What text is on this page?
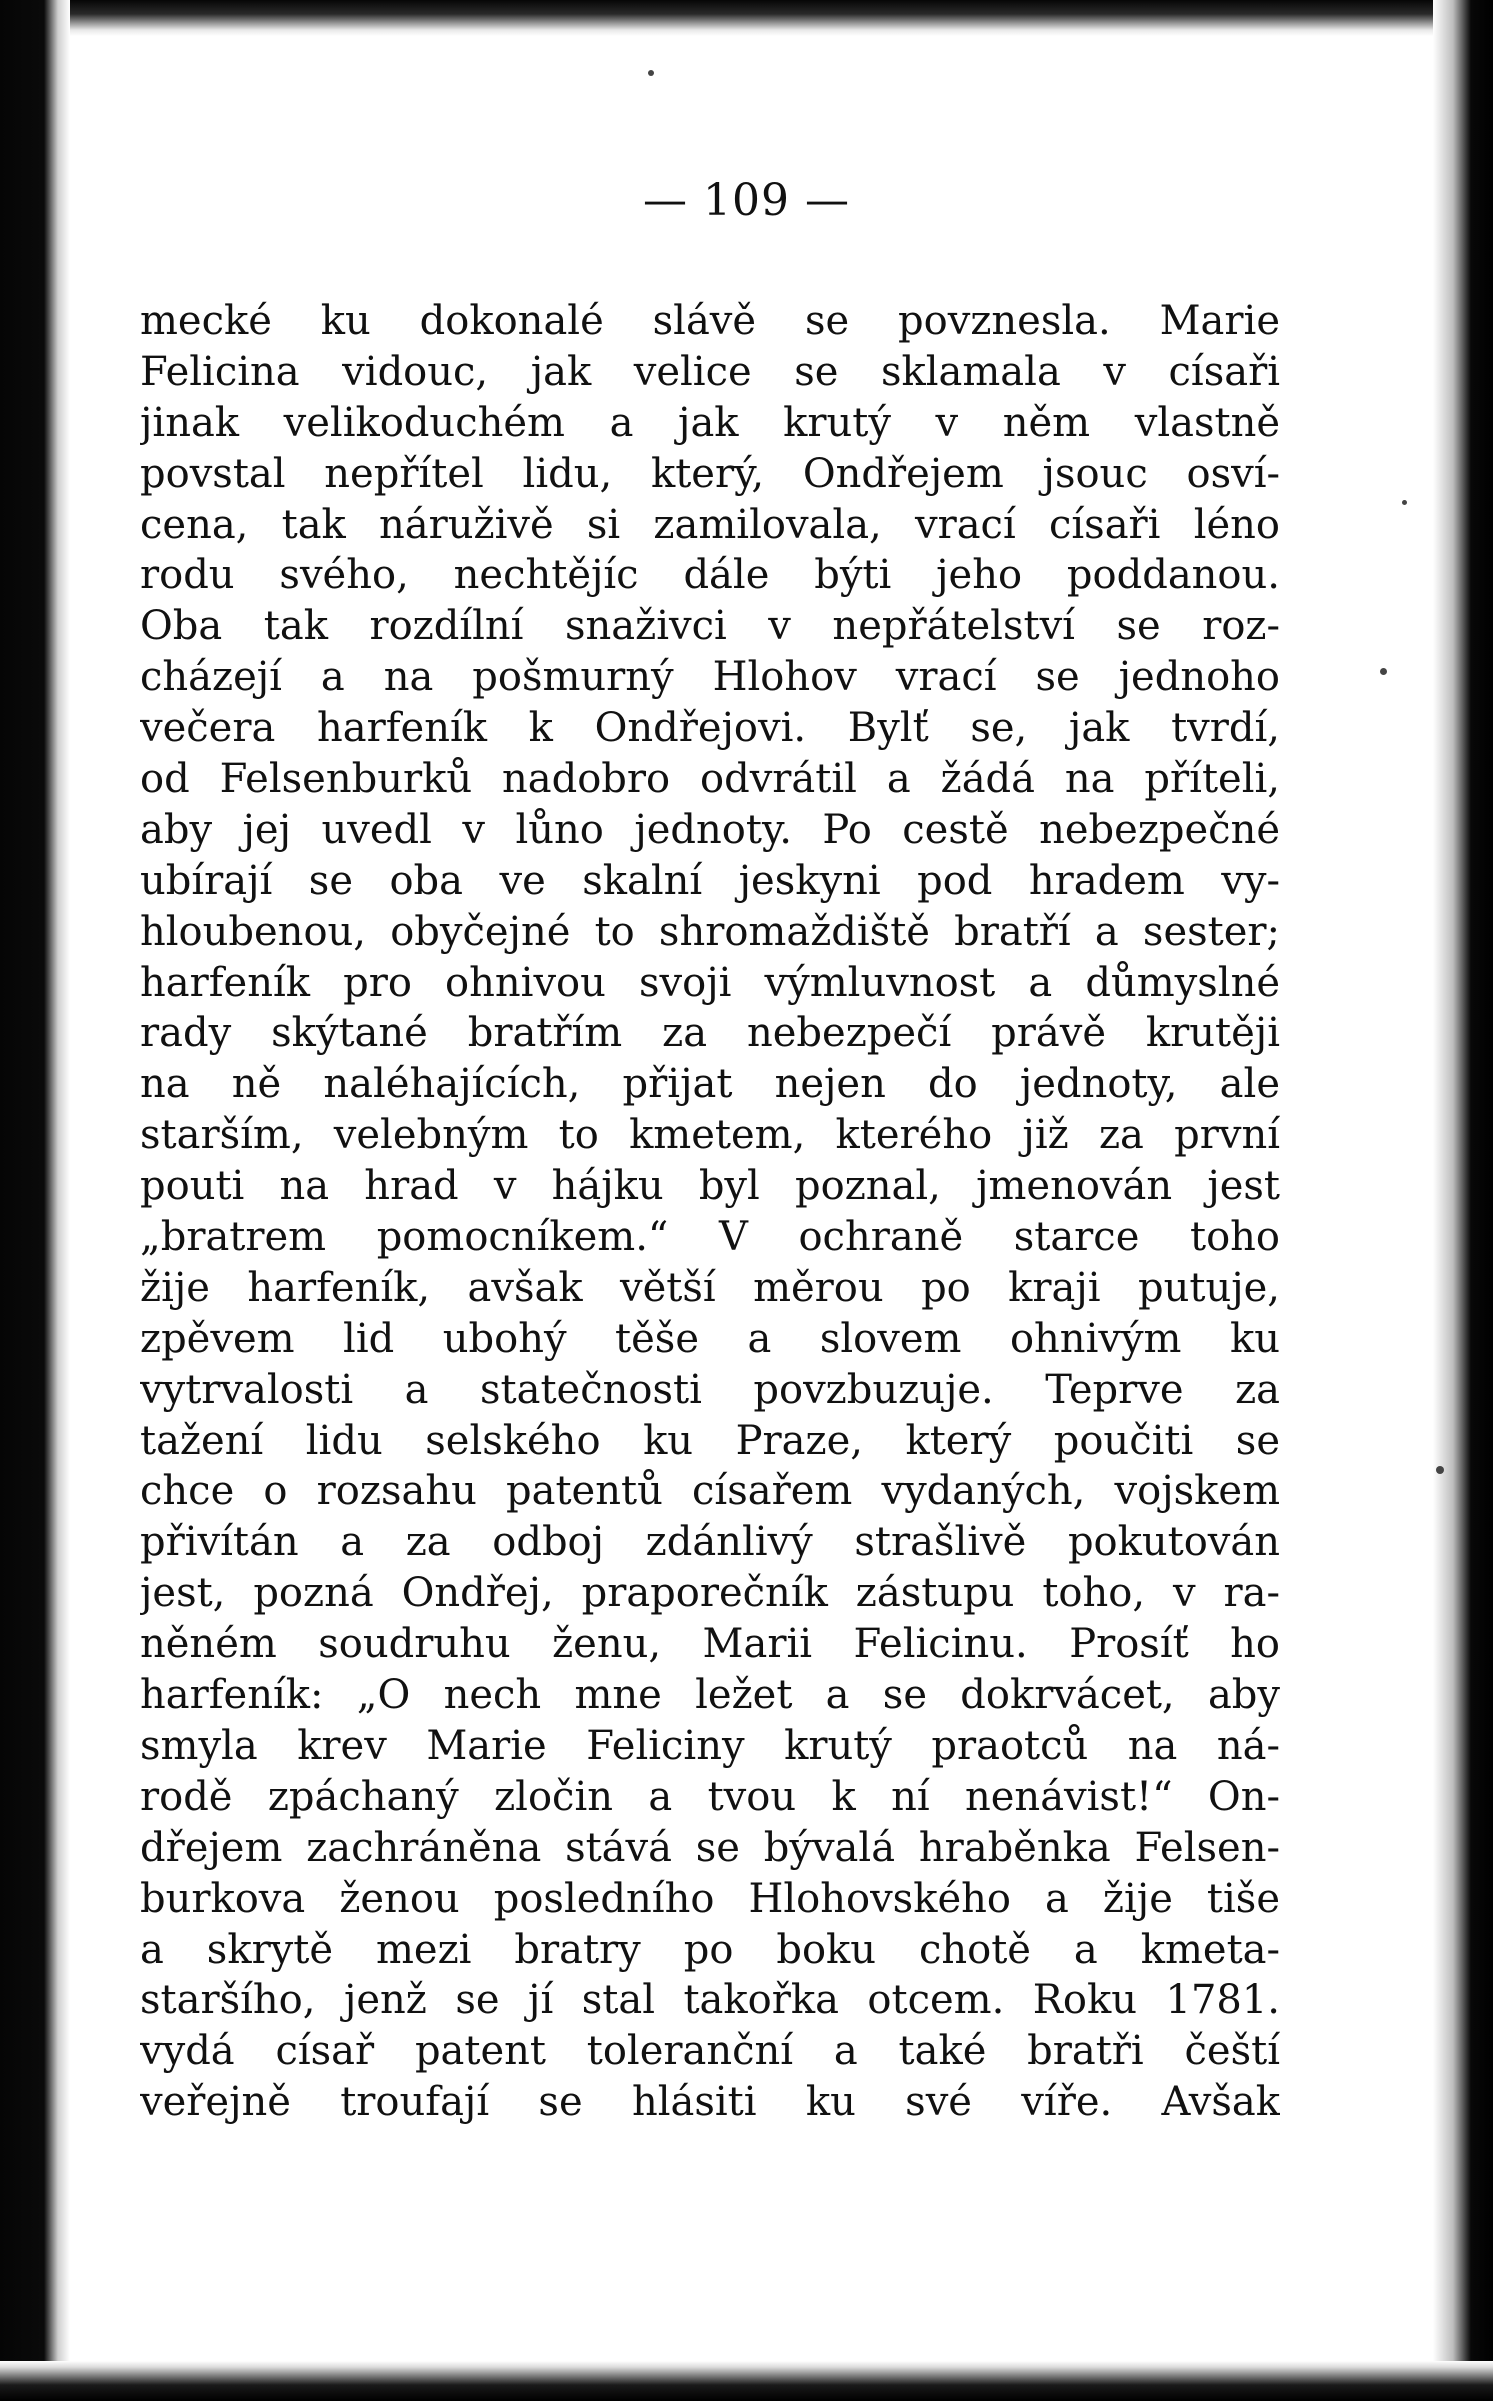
— 109 —
mecké ku dokonalé slávě se povznesla. Marie
Felicina vidouc, jak velice se sklamala v císaři
jinak velikoduchém a jak krutý v něm vlastně
povstal nepřítel lidu, který, Ondřejem jsouc osví-
cena, tak náruživě si zamilovala, vrací císaři léno
rodu svého, nechtějíc dále býti jeho poddanou.
Oba tak rozdílní snaživci v nepřátelství se roz-
cházejí a na pošmurný Hlohov vrací se jednoho
večera harfeník k Ondřejovi. Bylť se, jak tvrdí,
od Felsenburků nadobro odvrátil a žádá na příteli,
aby jej uvedl v lůno jednoty. Po cestě nebezpečné
ubírají se oba ve skalní jeskyni pod hradem vy-
hloubenou, obyčejné to shromaždiště bratří a sester;
harfeník pro ohnivou svoji výmluvnost a důmyslné
rady skýtané bratřím za nebezpečí právě krutěji
na ně naléhajících, přijat nejen do jednoty, ale
starším, velebným to kmetem, kterého již za první
pouti na hrad v hájku byl poznal, jmenován jest
„bratrem pomocníkem.“ V ochraně starce toho
žije harfeník, avšak větší měrou po kraji putuje,
zpěvem lid ubohý těše a slovem ohnivým ku
vytrvalosti a statečnosti povzbuzuje. Teprve za
tažení lidu selského ku Praze, který poučiti se
chce o rozsahu patentů císařem vydaných, vojskem
přivítán a za odboj zdánlivý strašlivě pokutován
jest, pozná Ondřej, praporečník zástupu toho, v ra-
něném soudruhu ženu, Marii Felicinu. Prosíť ho
harfeník: „O nech mne ležet a se dokrvácet, aby
smyla krev Marie Feliciny krutý praotců na ná-
rodě zpáchaný zločin a tvou k ní nenávist!“ On-
dřejem zachráněna stává se bývalá hraběnka Felsen-
burkova ženou posledního Hlohovského a žije tiše
a skrytě mezi bratry po boku chotě a kmeta-
staršího, jenž se jí stal takořka otcem. Roku 1781.
vydá císař patent toleranční a také bratři čeští
veřejně troufají se hlásiti ku své víře. Avšak
